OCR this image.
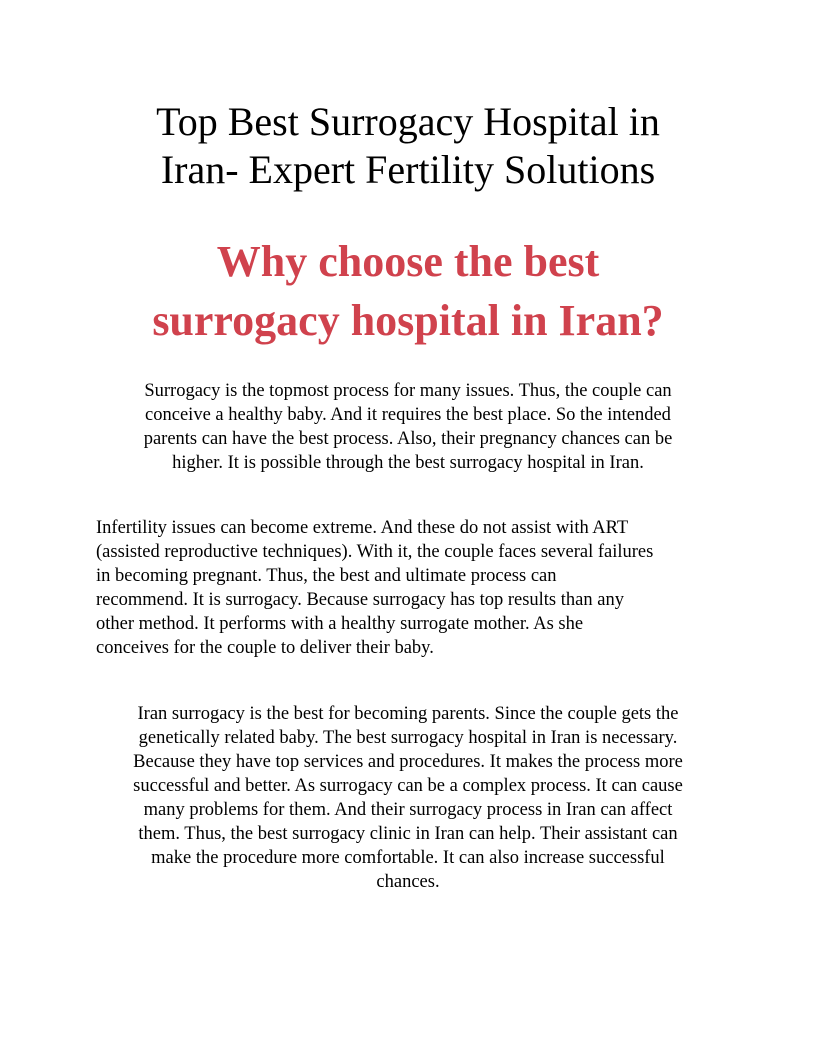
Top Best Surrogacy Hospital in
Iran- Expert Fertility Solutions
Why choose the best
surrogacy hospital in Iran?

Surrogacy is the topmost process for many issues. Thus, the couple can
conceive a healthy baby. And it requires the best place. So the intended
parents can have the best process. Also, their pregnancy chances can be
higher. It is possible through the best surrogacy hospital in Iran.

Infertility issues can become extreme. And these do not assist with ART
(assisted reproductive techniques). With it, the couple faces several failures
in becoming pregnant. Thus, the best and ultimate process can
recommend. It is surrogacy. Because surrogacy has top results than any
other method. It performs with a healthy surrogate mother. As she
conceives for the couple to deliver their baby.

Iran surrogacy is the best for becoming parents. Since the couple gets the
genetically related baby. The best surrogacy hospital in Iran is necessary.
Because they have top services and procedures. It makes the process more
successful and better. As surrogacy can be a complex process. It can cause
many problems for them. And their surrogacy process in Iran can affect
them. Thus, the best surrogacy clinic in Iran can help. Their assistant can
make the procedure more comfortable. It can also increase successful
chances.
